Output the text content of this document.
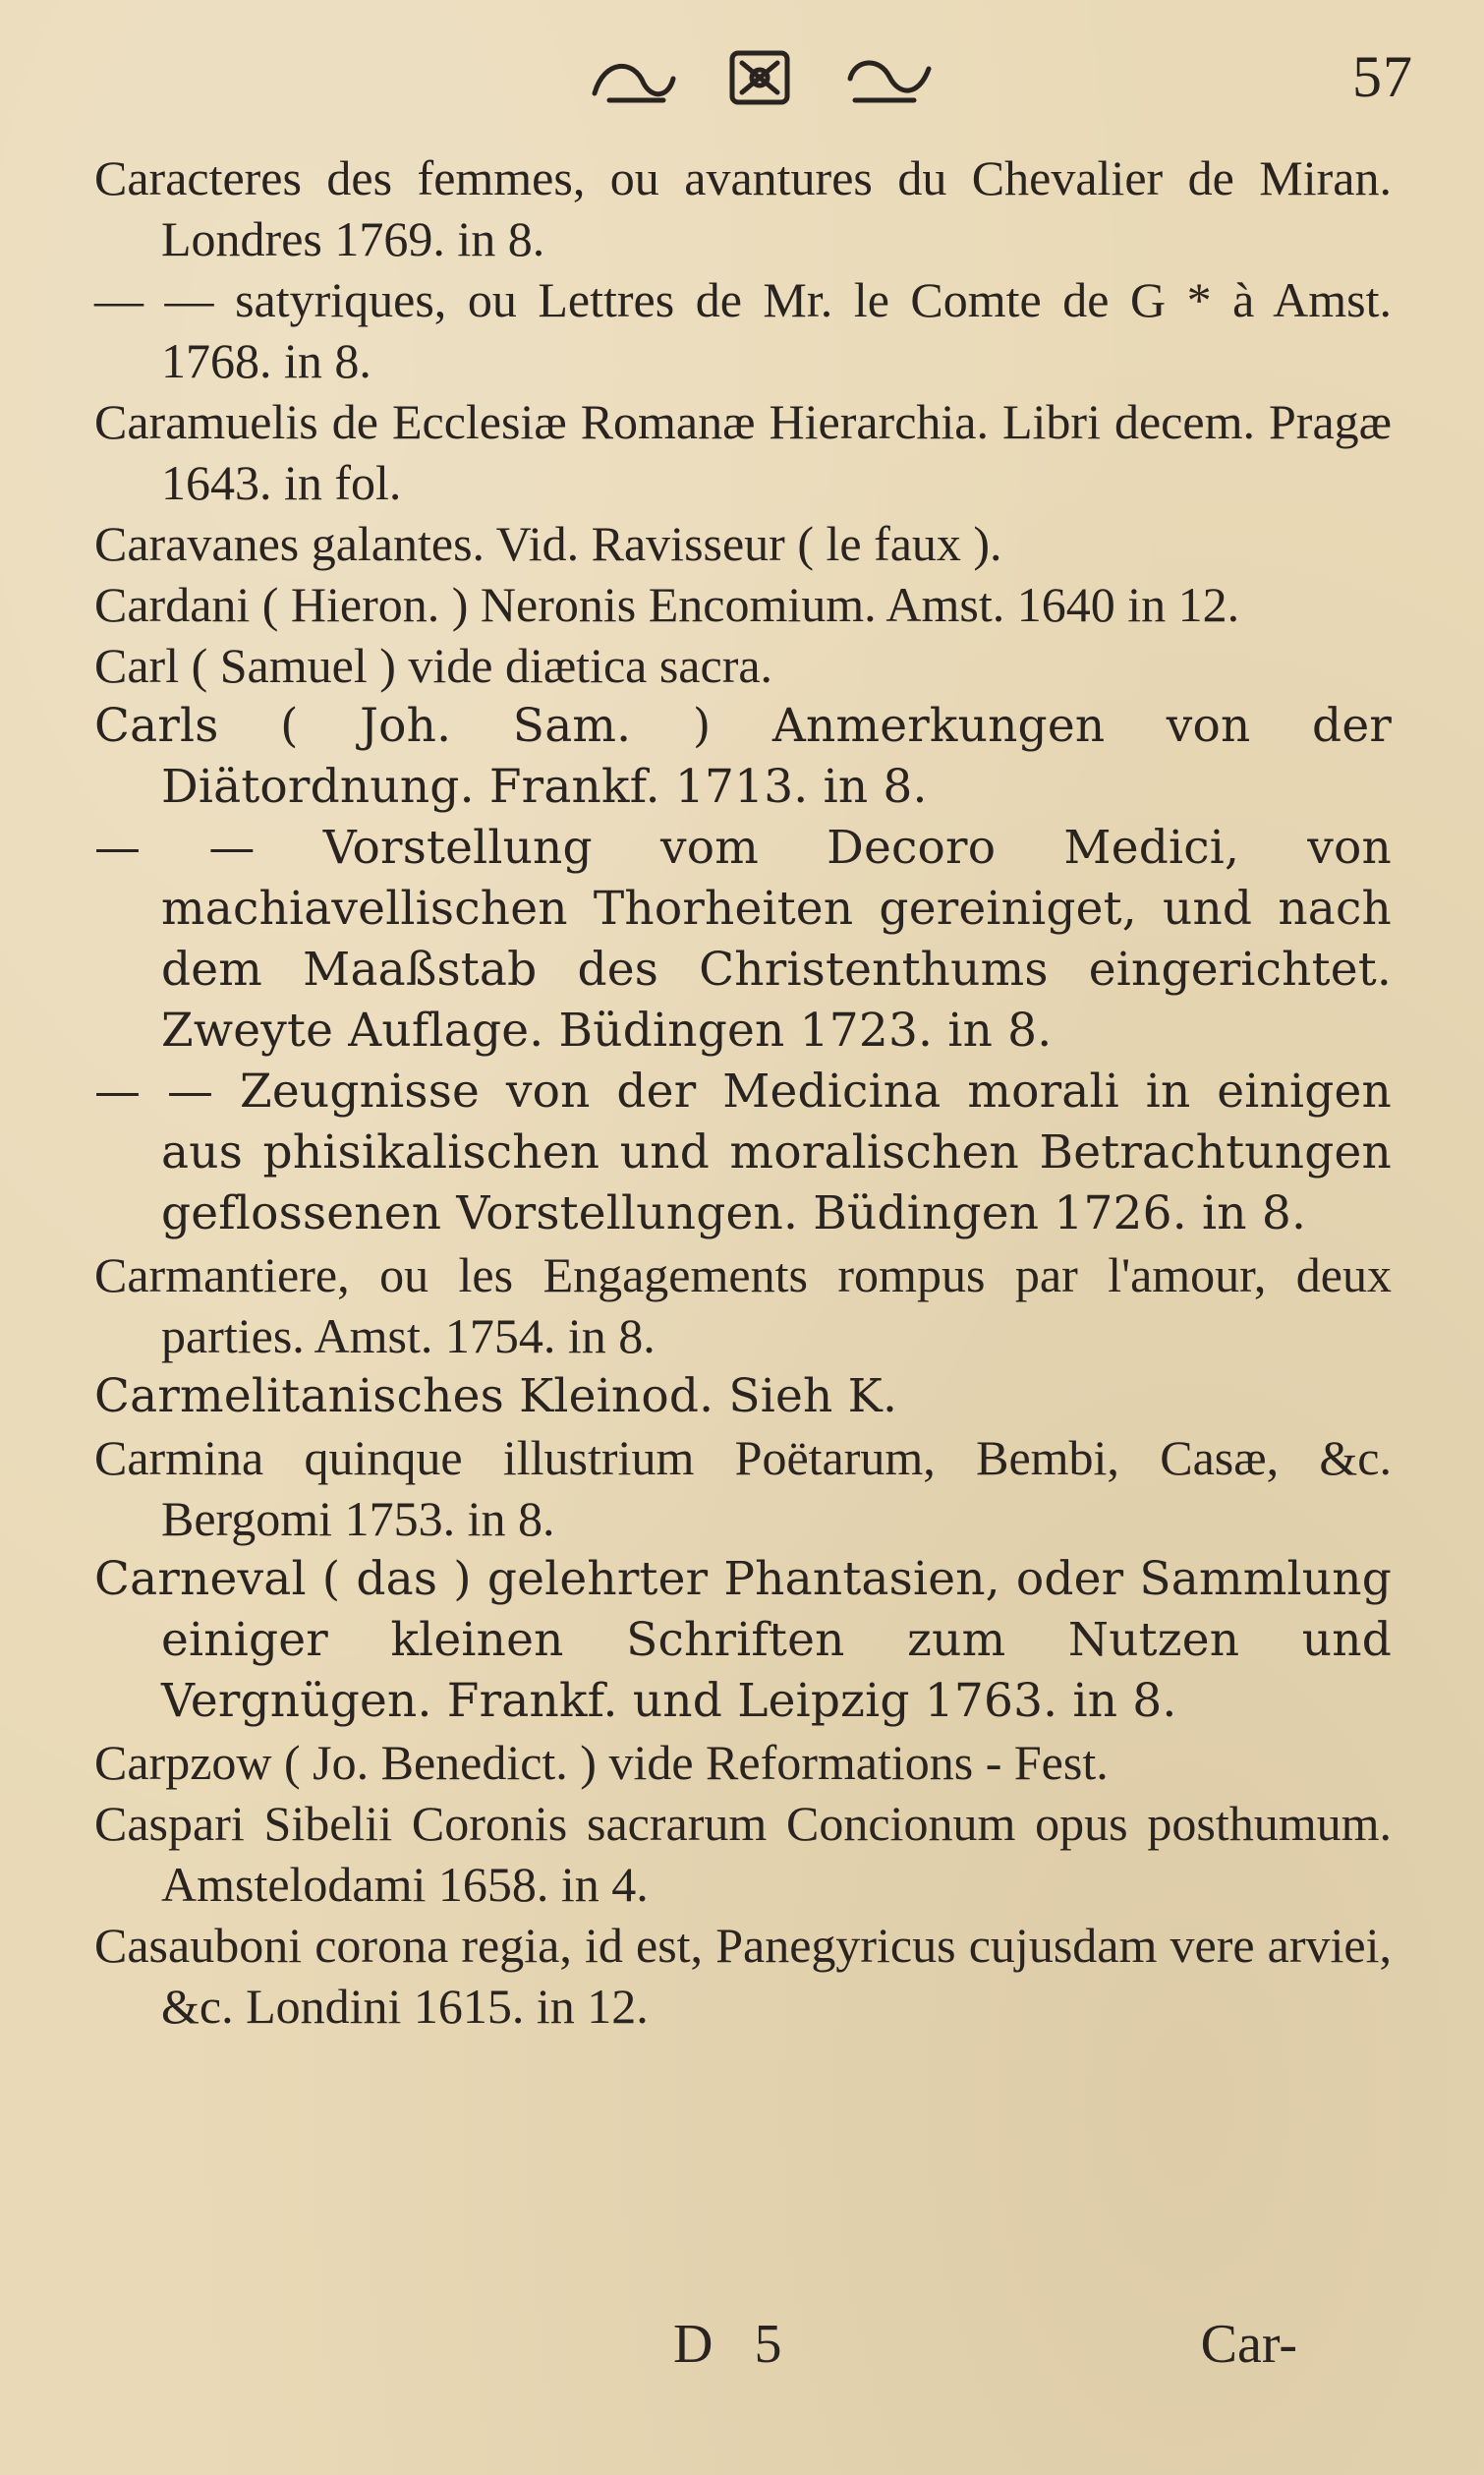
57

Caracteres des femmes, ou avantures du Chevalier de Miran. Londres 1769. in 8.

— — satyriques, ou Lettres de Mr. le Comte de G * à Amst. 1768. in 8.

Caramuelis de Ecclesiæ Romanæ Hierarchia. Libri decem. Pragæ 1643. in fol.

Caravanes galantes. Vid. Ravisseur ( le faux ).

Cardani ( Hieron. ) Neronis Encomium. Amst. 1640 in 12.

Carl ( Samuel ) vide diætica sacra.

Carls ( Joh. Sam. ) Anmerkungen von der Diätordnung. Frankf. 1713. in 8.

— — Vorstellung vom Decoro Medici, von machiavellischen Thorheiten gereiniget, und nach dem Maaßstab des Christenthums eingerichtet. Zweyte Auflage. Büdingen 1723. in 8.

— — Zeugnisse von der Medicina morali in einigen aus phisikalischen und moralischen Betrachtungen geflossenen Vorstellungen. Büdingen 1726. in 8.

Carmantiere, ou les Engagements rompus par l'amour, deux parties. Amst. 1754. in 8.

Carmelitanisches Kleinod. Sieh K.

Carmina quinque illustrium Poëtarum, Bembi, Casæ, &c. Bergomi 1753. in 8.

Carneval ( das ) gelehrter Phantasien, oder Sammlung einiger kleinen Schriften zum Nutzen und Vergnügen. Frankf. und Leipzig 1763. in 8.

Carpzow ( Jo. Benedict. ) vide Reformations - Fest.

Caspari Sibelii Coronis sacrarum Concionum opus posthumum. Amstelodami 1658. in 4.

Casauboni corona regia, id est, Panegyricus cujusdam vere arviei, &c. Londini 1615. in 12.

D 5	Car-
